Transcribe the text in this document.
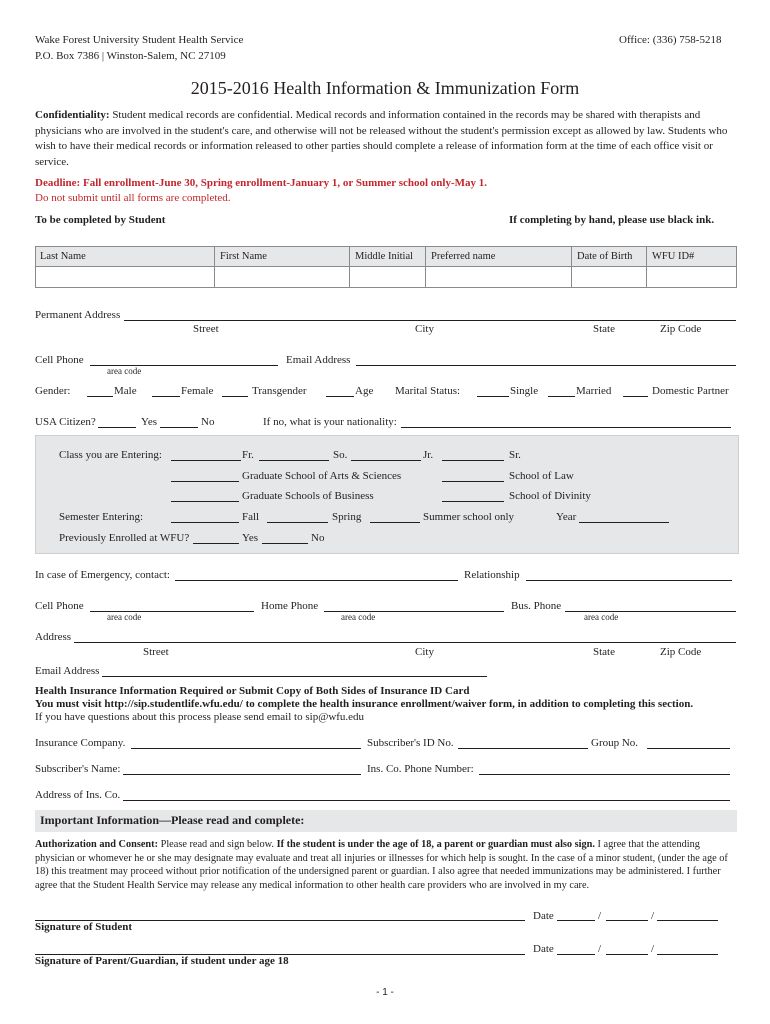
Wake Forest University Student Health Service
P.O. Box 7386 | Winston-Salem, NC 27109
Office: (336) 758-5218
2015-2016 Health Information & Immunization Form
Confidentiality: Student medical records are confidential. Medical records and information contained in the records may be shared with therapists and physicians who are involved in the student's care, and otherwise will not be released without the student's permission except as allowed by law. Students who wish to have their medical records or information released to other parties should complete a release of information form at the time of each office visit or service.
Deadline: Fall enrollment-June 30, Spring enrollment-January 1, or Summer school only-May 1.
Do not submit until all forms are completed.
To be completed by Student	If completing by hand, please use black ink.
Last Name	First Name	Middle Initial	Preferred name	Date of Birth	WFU ID#
Permanent Address
Street	City	State	Zip Code
Cell Phone
area code
Email Address
Gender:	Male	Female	Transgender	Age Marital Status:	Single	Married	Domestic Partner
USA Citizen?	Yes	No	If no, what is your nationality:
Class you are Entering:	Fr.	So.	Jr.	Sr.
Graduate School of Arts & Sciences	School of Law
Graduate Schools of Business	School of Divinity
Semester Entering:	Fall	Spring	Summer school only	Year
Previously Enrolled at WFU?	Yes	No
In case of Emergency, contact:	Relationship
Cell Phone
area code
Home Phone
area code
Bus. Phone
area code
Address
Street	City	State	Zip Code
Email Address
Health Insurance Information Required or Submit Copy of Both Sides of Insurance ID Card
You must visit http://sip.studentlife.wfu.edu/ to complete the health insurance enrollment/waiver form, in addition to completing this section.
If you have questions about this process please send email to sip@wfu.edu
Insurance Company.	Subscriber's ID No.	Group No.
Subscriber's Name:	Ins. Co. Phone Number:
Address of Ins. Co.
Important Information—Please read and complete:
Authorization and Consent: Please read and sign below. If the student is under the age of 18, a parent or guardian must also sign. I agree that the attending physician or whomever he or she may designate may evaluate and treat all injuries or illnesses for which help is sought. In the case of a minor student, (under the age of 18) this treatment may proceed without prior notification of the undersigned parent or guardian. I also agree that needed immunizations may be administered. I further agree that the Student Health Service may release any medical information to other health care providers who are involved in my care.
Date	/	/
Signature of Student
Date	/	/
Signature of Parent/Guardian, if student under age 18
- 1 -
